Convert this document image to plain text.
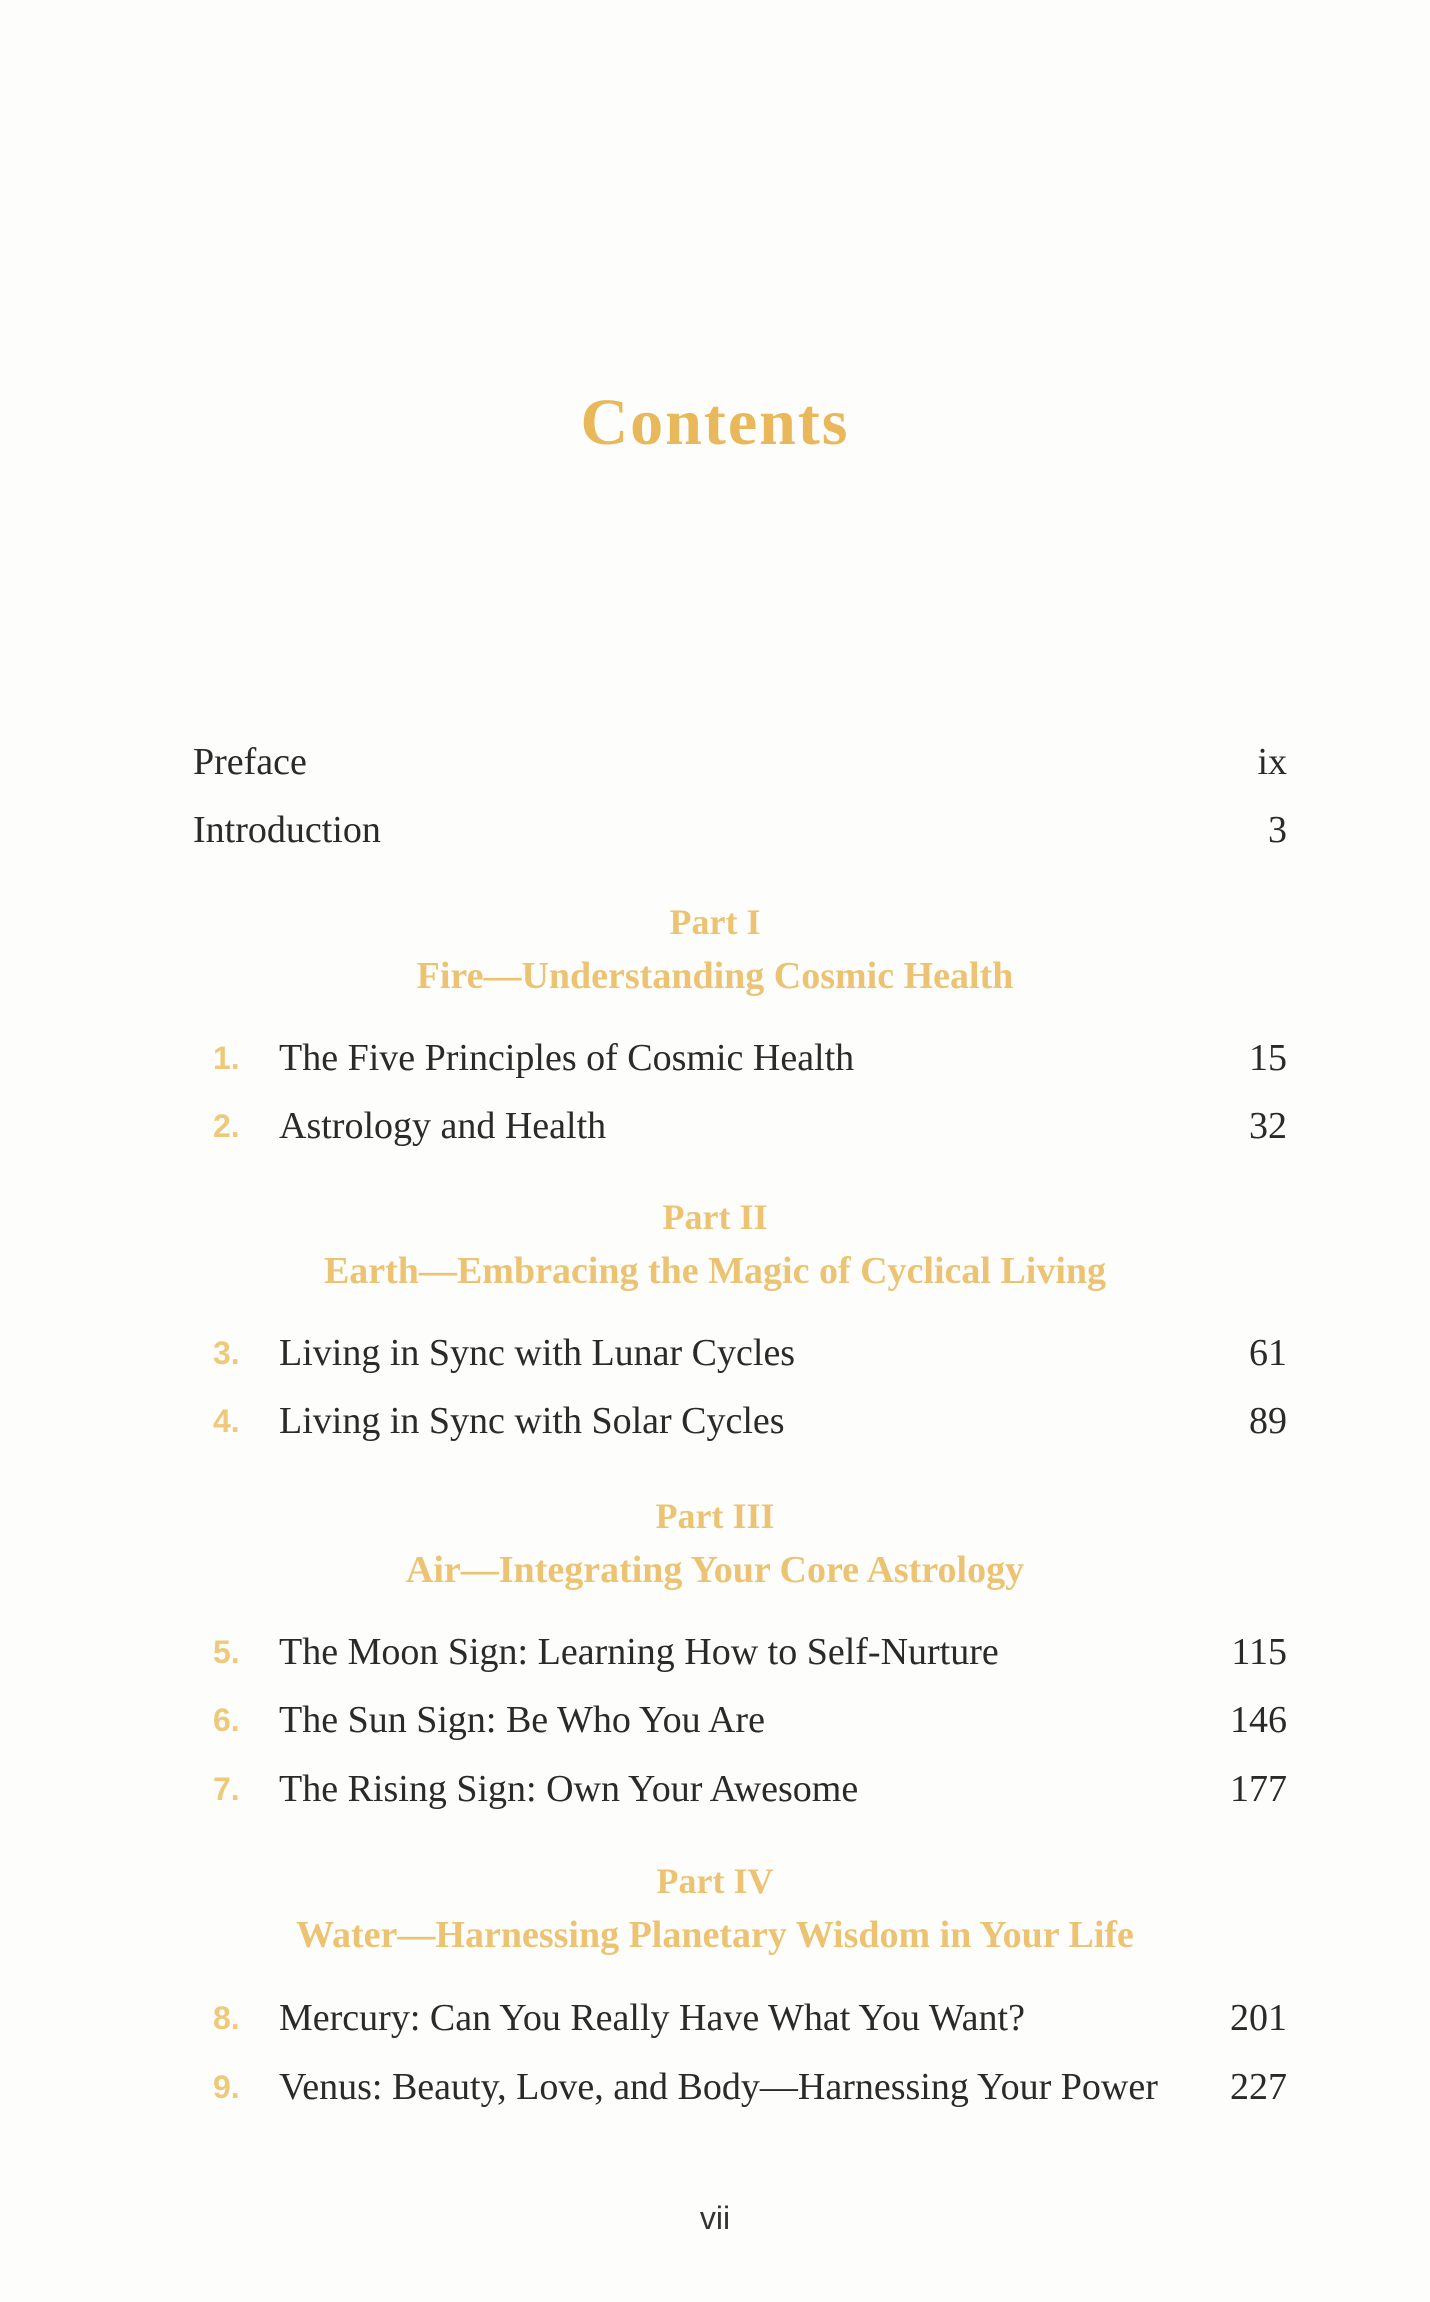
Contents
Preface	ix
Introduction	3
Part I
Fire—Understanding Cosmic Health
1.	The Five Principles of Cosmic Health	15
2.	Astrology and Health	32
Part II
Earth—Embracing the Magic of Cyclical Living
3.	Living in Sync with Lunar Cycles	61
4.	Living in Sync with Solar Cycles	89
Part III
Air—Integrating Your Core Astrology
5.	The Moon Sign: Learning How to Self-Nurture	115
6.	The Sun Sign: Be Who You Are	146
7.	The Rising Sign: Own Your Awesome	177
Part IV
Water—Harnessing Planetary Wisdom in Your Life
8.	Mercury: Can You Really Have What You Want?	201
9.	Venus: Beauty, Love, and Body—Harnessing Your Power	227
vii
